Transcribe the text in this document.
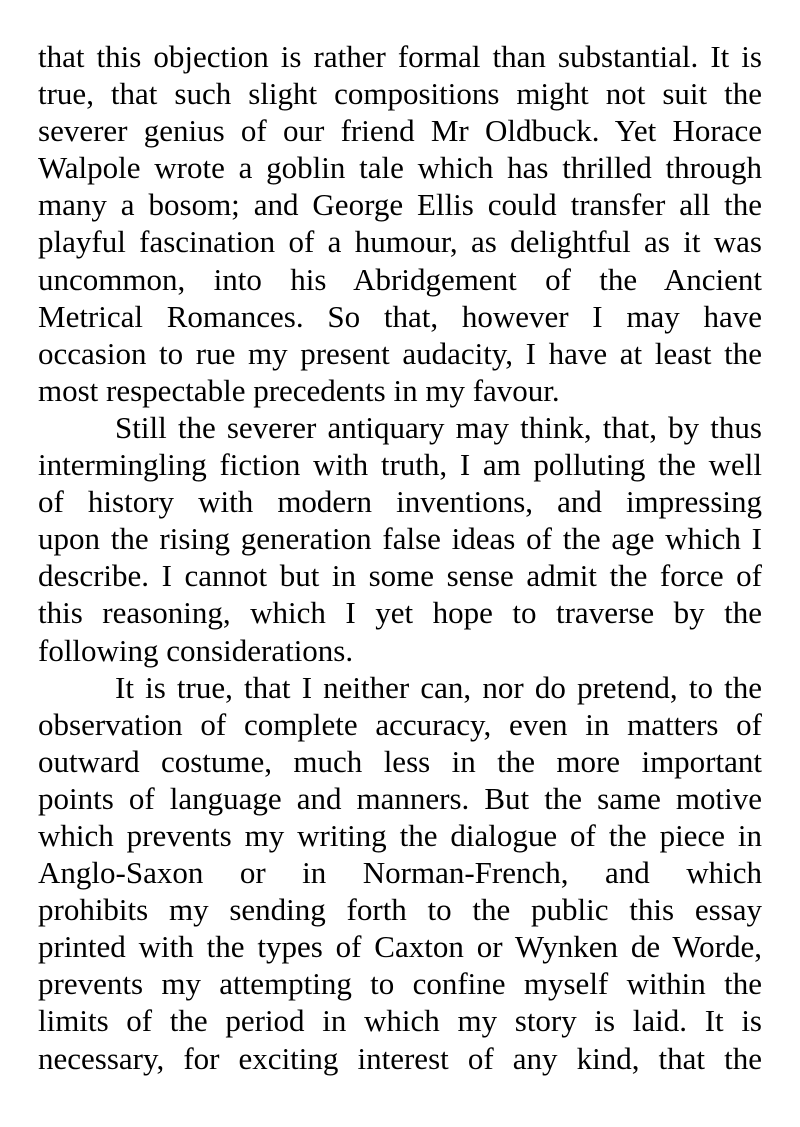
that this objection is rather formal than substantial. It is
true, that such slight compositions might not suit the
severer genius of our friend Mr Oldbuck. Yet Horace
Walpole wrote a goblin tale which has thrilled through
many a bosom; and George Ellis could transfer all the
playful fascination of a humour, as delightful as it was
uncommon, into his Abridgement of the Ancient
Metrical Romances. So that, however I may have
occasion to rue my present audacity, I have at least the
most respectable precedents in my favour.
Still the severer antiquary may think, that, by thus
intermingling fiction with truth, I am polluting the well
of history with modern inventions, and impressing
upon the rising generation false ideas of the age which I
describe. I cannot but in some sense admit the force of
this reasoning, which I yet hope to traverse by the
following considerations.
It is true, that I neither can, nor do pretend, to the
observation of complete accuracy, even in matters of
outward costume, much less in the more important
points of language and manners. But the same motive
which prevents my writing the dialogue of the piece in
Anglo-Saxon or in Norman-French, and which
prohibits my sending forth to the public this essay
printed with the types of Caxton or Wynken de Worde,
prevents my attempting to confine myself within the
limits of the period in which my story is laid. It is
necessary, for exciting interest of any kind, that the
